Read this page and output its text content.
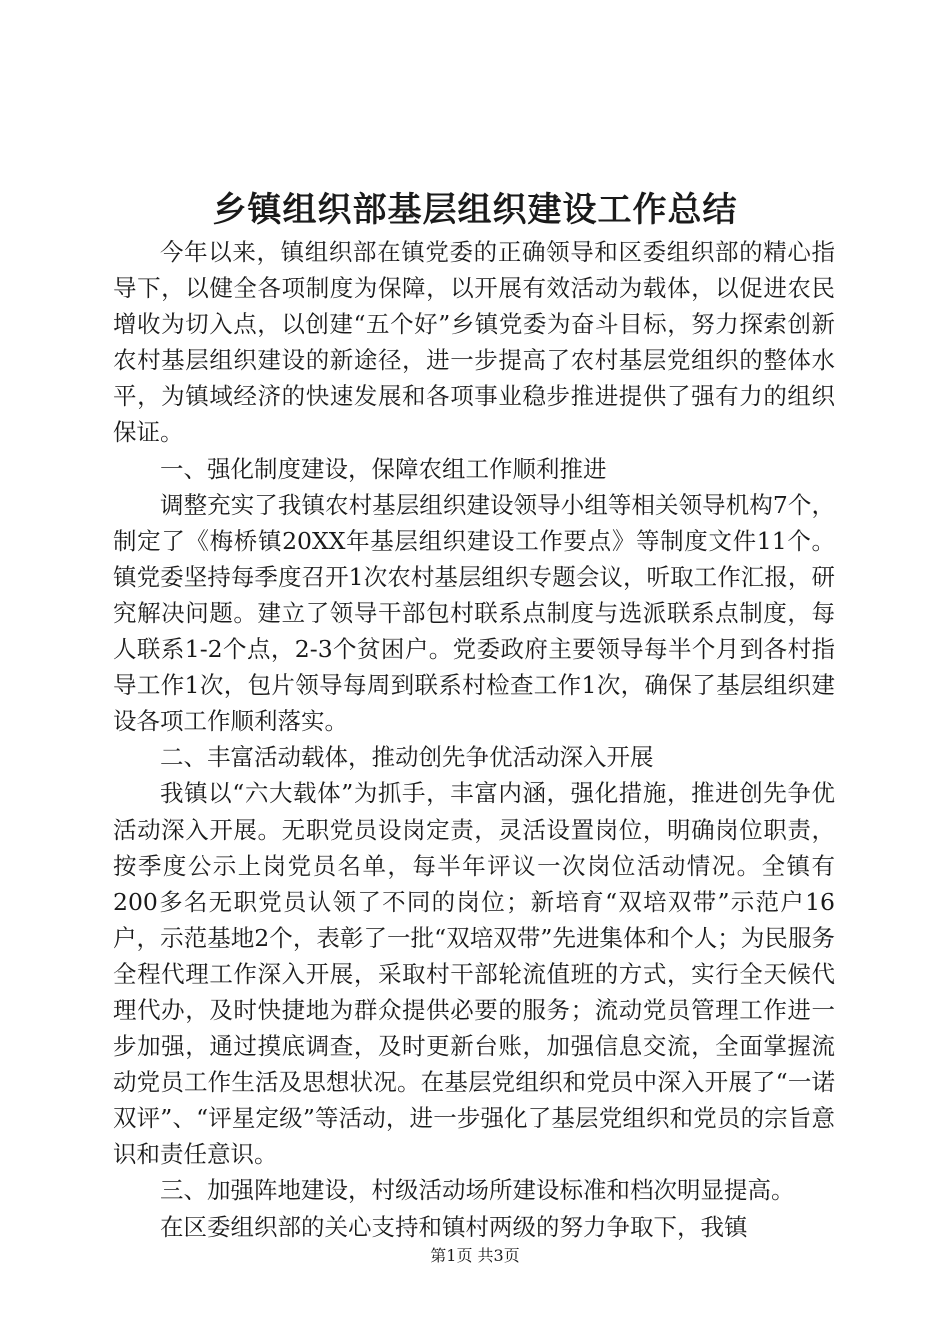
乡镇组织部基层组织建设工作总结

今年以来，镇组织部在镇党委的正确领导和区委组织部的精心指导下，以健全各项制度为保障，以开展有效活动为载体，以促进农民增收为切入点，以创建“五个好”乡镇党委为奋斗目标，努力探索创新农村基层组织建设的新途径，进一步提高了农村基层党组织的整体水平，为镇域经济的快速发展和各项事业稳步推进提供了强有力的组织保证。

一、强化制度建设，保障农组工作顺利推进

调整充实了我镇农村基层组织建设领导小组等相关领导机构7个，制定了《梅桥镇20XX年基层组织建设工作要点》等制度文件11个。镇党委坚持每季度召开1次农村基层组织专题会议，听取工作汇报，研究解决问题。建立了领导干部包村联系点制度与选派联系点制度，每人联系1-2个点，2-3个贫困户。党委政府主要领导每半个月到各村指导工作1次，包片领导每周到联系村检查工作1次，确保了基层组织建设各项工作顺利落实。

二、丰富活动载体，推动创先争优活动深入开展

我镇以“六大载体”为抓手，丰富内涵，强化措施，推进创先争优活动深入开展。无职党员设岗定责，灵活设置岗位，明确岗位职责，按季度公示上岗党员名单，每半年评议一次岗位活动情况。全镇有200多名无职党员认领了不同的岗位；新培育“双培双带”示范户16户，示范基地2个，表彰了一批“双培双带”先进集体和个人；为民服务全程代理工作深入开展，采取村干部轮流值班的方式，实行全天候代理代办，及时快捷地为群众提供必要的服务；流动党员管理工作进一步加强，通过摸底调查，及时更新台账，加强信息交流，全面掌握流动党员工作生活及思想状况。在基层党组织和党员中深入开展了“一诺双评”、“评星定级”等活动，进一步强化了基层党组织和党员的宗旨意识和责任意识。

三、加强阵地建设，村级活动场所建设标准和档次明显提高。

在区委组织部的关心支持和镇村两级的努力争取下，我镇

第1页 共3页
